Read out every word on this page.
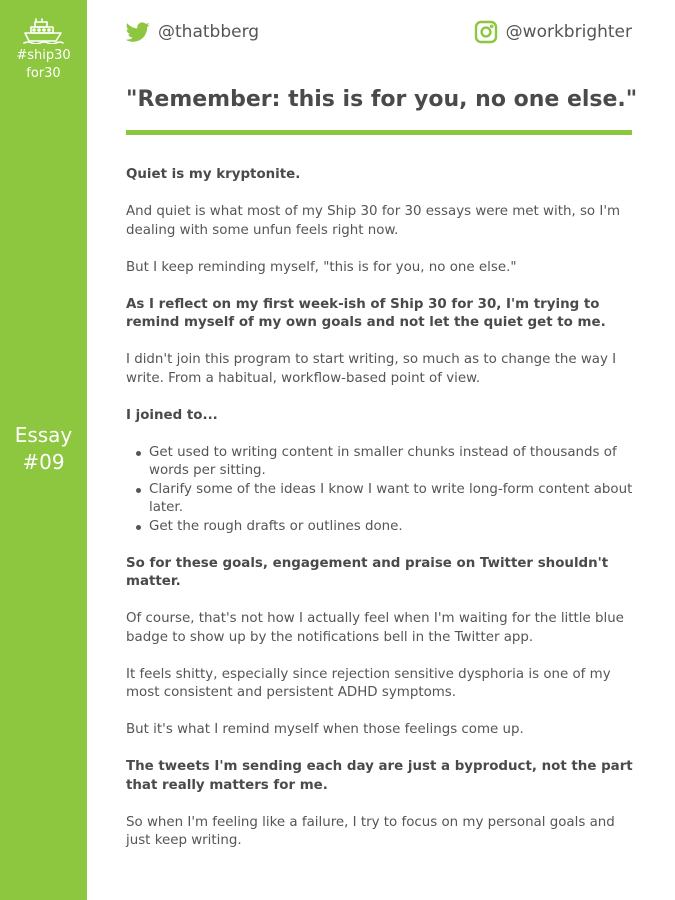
#ship30
for30
Essay
#09
@thatbberg	@workbrighter
"Remember: this is for you, no one else."

Quiet is my kryptonite.

And quiet is what most of my Ship 30 for 30 essays were met with, so I'm dealing with some unfun feels right now.

But I keep reminding myself, "this is for you, no one else."

As I reflect on my first week-ish of Ship 30 for 30, I'm trying to remind myself of my own goals and not let the quiet get to me.

I didn't join this program to start writing, so much as to change the way I write. From a habitual, workflow-based point of view.

I joined to...

Get used to writing content in smaller chunks instead of thousands of words per sitting.
Clarify some of the ideas I know I want to write long-form content about later.
Get the rough drafts or outlines done.

So for these goals, engagement and praise on Twitter shouldn't matter.

Of course, that's not how I actually feel when I'm waiting for the little blue badge to show up by the notifications bell in the Twitter app.

It feels shitty, especially since rejection sensitive dysphoria is one of my most consistent and persistent ADHD symptoms.

But it's what I remind myself when those feelings come up.

The tweets I'm sending each day are just a byproduct, not the part that really matters for me.

So when I'm feeling like a failure, I try to focus on my personal goals and just keep writing.
